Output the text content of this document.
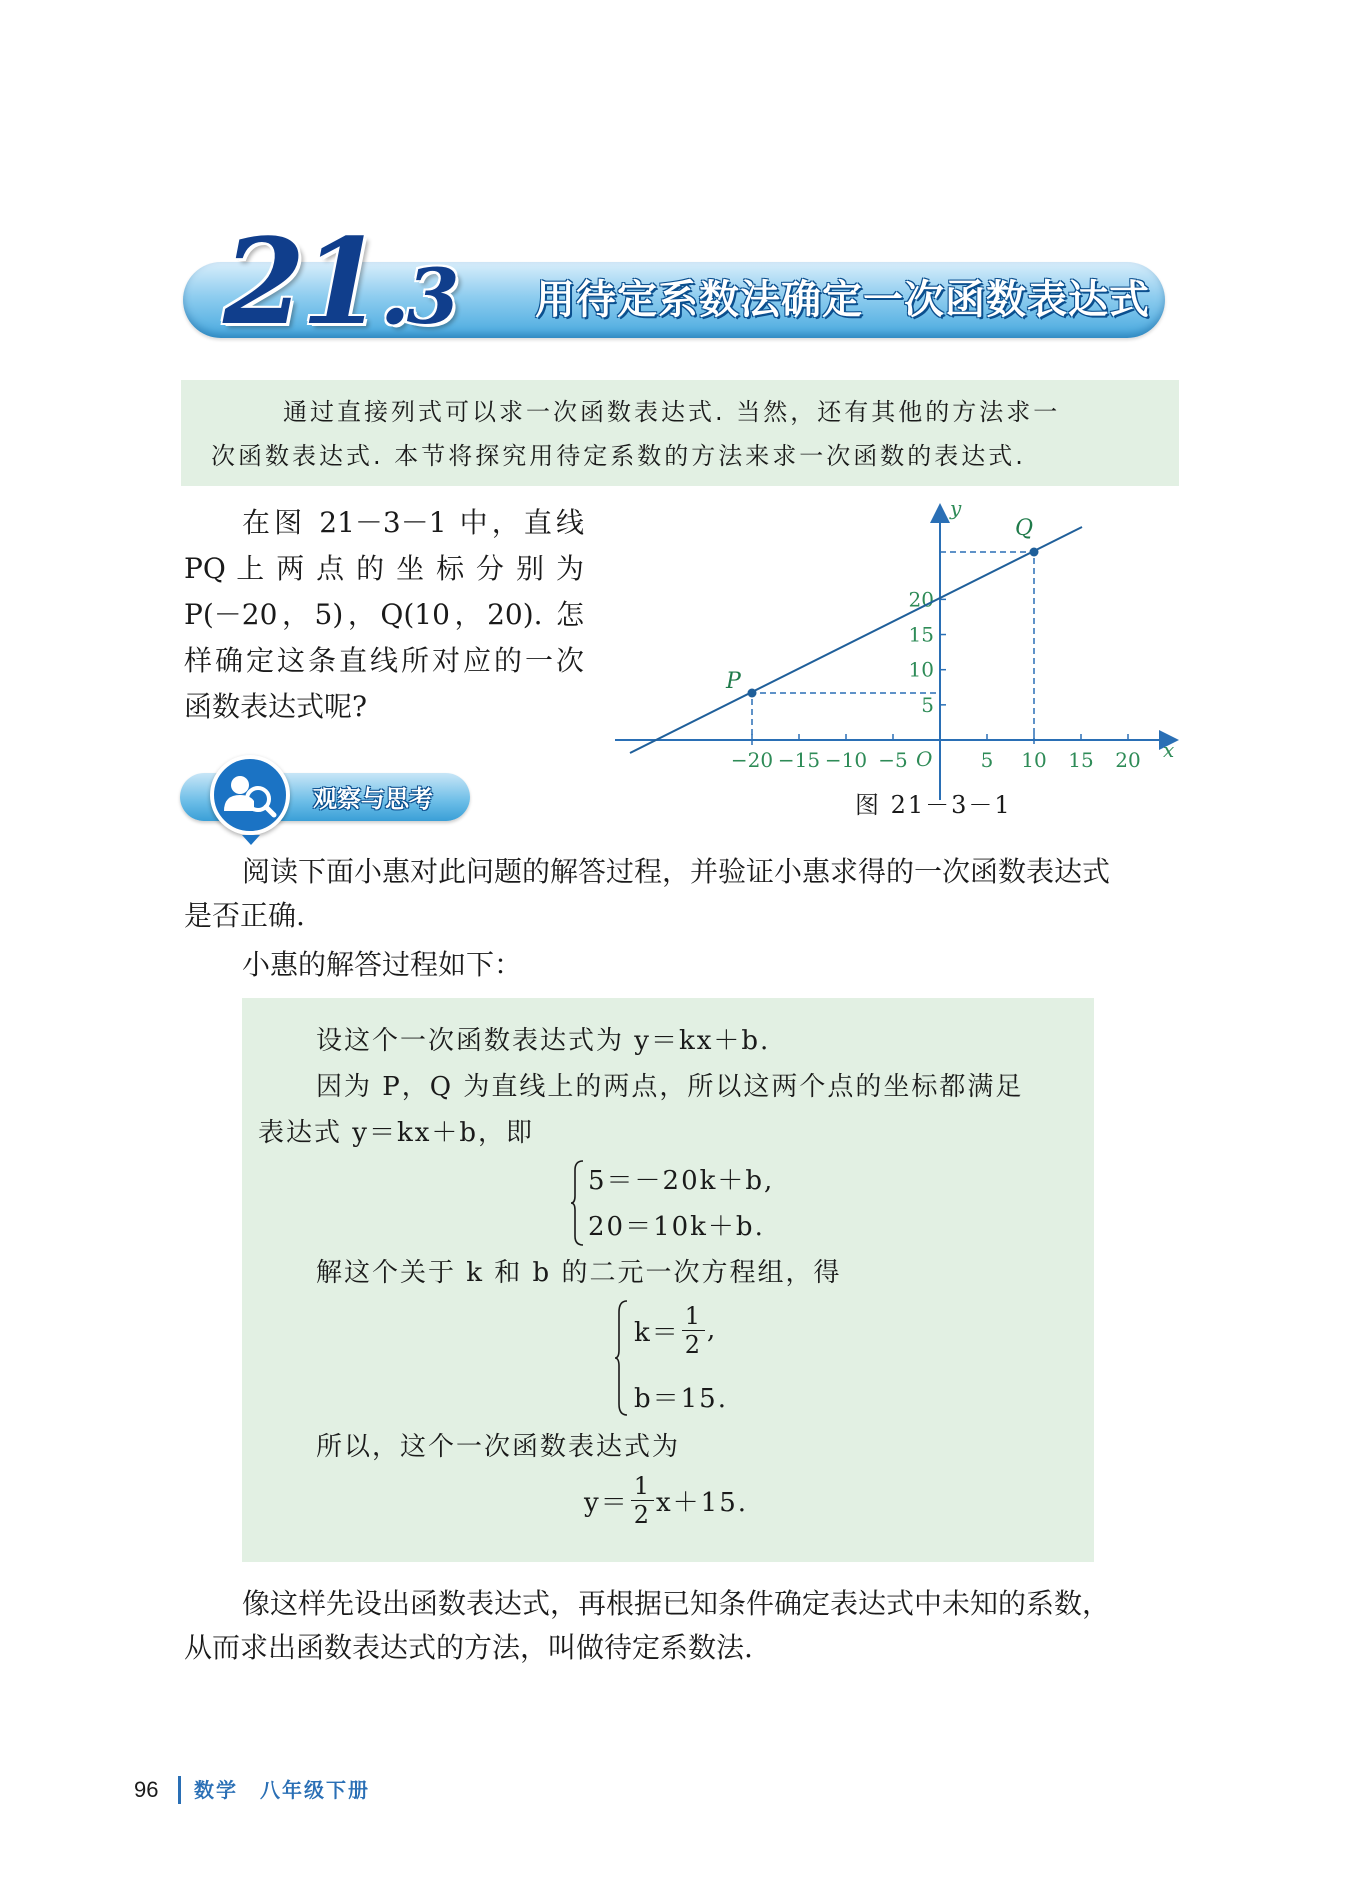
21.3 用待定系数法确定一次函数表达式

通过直接列式可以求一次函数表达式. 当然，还有其他的方法求一

次函数表达式. 本节将探究用待定系数的方法来求一次函数的表达式.

在图 21－3－1 中，直线

PQ 上 两 点 的 坐 标 分 别 为

P(－20，5)，Q(10，20). 怎

样确定这条直线所对应的一次

函数表达式呢?

−20 −15 −10 −5	5 10 15 20
5
10
15
20
P
Q
x
y
O
图 21－3－1
观察与思考

阅读下面小惠对此问题的解答过程，并验证小惠求得的一次函数表达式

是否正确.

小惠的解答过程如下：
设这个一次函数表达式为 y＝kx＋b.
因为 P，Q 为直线上的两点，所以这两个点的坐标都满足
表达式 y＝kx＋b，即
5＝－20k＋b,
20＝10k＋b.
解这个关于 k 和 b 的二元一次方程组，得
$k= \frac{1}{2}$ ,
b＝15.
所以，这个一次函数表达式为
$y= \frac{1}{2} x+15$.

像这样先设出函数表达式，再根据已知条件确定表达式中未知的系数，

从而求出函数表达式的方法，叫做待定系数法.

96 数学　八年级下册
